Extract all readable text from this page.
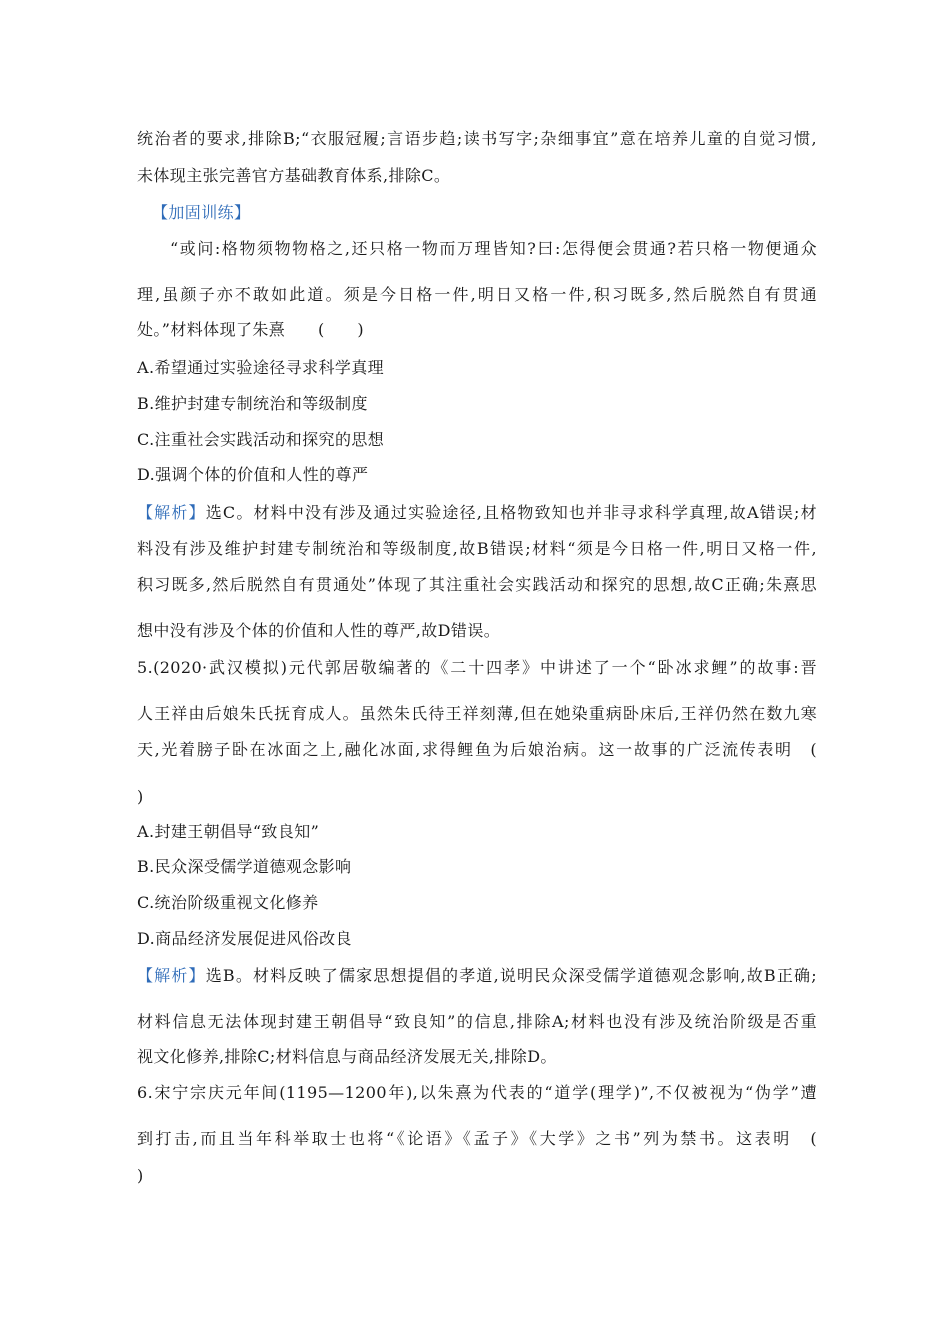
统治者的要求,排除B;“衣服冠履;言语步趋;读书写字;杂细事宜”意在培养儿童的自觉习惯,
未体现主张完善官方基础教育体系,排除C。
【加固训练】
“或问:格物须物物格之,还只格一物而万理皆知?曰:怎得便会贯通?若只格一物便通众
理,虽颜子亦不敢如此道。须是今日格一件,明日又格一件,积习既多,然后脱然自有贯通
处。”材料体现了朱熹　　(　　)
A.希望通过实验途径寻求科学真理
B.维护封建专制统治和等级制度
C.注重社会实践活动和探究的思想
D.强调个体的价值和人性的尊严
【解析】选C。材料中没有涉及通过实验途径,且格物致知也并非寻求科学真理,故A错误;材
料没有涉及维护封建专制统治和等级制度,故B错误;材料“须是今日格一件,明日又格一件,
积习既多,然后脱然自有贯通处”体现了其注重社会实践活动和探究的思想,故C正确;朱熹思
想中没有涉及个体的价值和人性的尊严,故D错误。
5.(2020·武汉模拟)元代郭居敬编著的《二十四孝》中讲述了一个“卧冰求鲤”的故事:晋
人王祥由后娘朱氏抚育成人。虽然朱氏待王祥刻薄,但在她染重病卧床后,王祥仍然在数九寒
天,光着膀子卧在冰面之上,融化冰面,求得鲤鱼为后娘治病。这一故事的广泛流传表明　(
)
A.封建王朝倡导“致良知”
B.民众深受儒学道德观念影响
C.统治阶级重视文化修养
D.商品经济发展促进风俗改良
【解析】选B。材料反映了儒家思想提倡的孝道,说明民众深受儒学道德观念影响,故B正确;
材料信息无法体现封建王朝倡导“致良知”的信息,排除A;材料也没有涉及统治阶级是否重
视文化修养,排除C;材料信息与商品经济发展无关,排除D。
6.宋宁宗庆元年间(1195—1200年),以朱熹为代表的“道学(理学)”,不仅被视为“伪学”遭
到打击,而且当年科举取士也将“《论语》《孟子》《大学》之书”列为禁书。这表明　(
)
